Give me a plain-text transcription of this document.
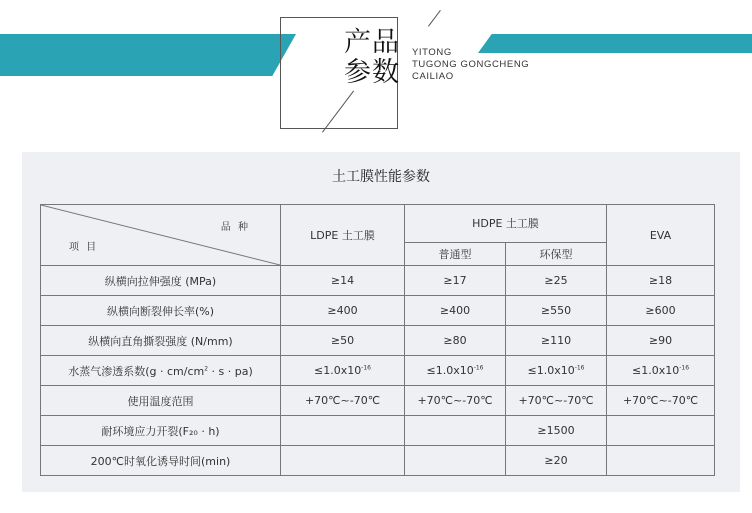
产品
参数
YITONG
TUGONG GONGCHENG
CAILIAO
土工膜性能参数
品 种
项 目	LDPE 土工膜	HDPE 土工膜		EVA
		普通型	环保型	
纵横向拉伸强度 (MPa)	≥14	≥17	≥25	≥18
纵横向断裂伸长率(%)	≥400	≥400	≥550	≥600
纵横向直角撕裂强度 (N/mm)	≥50	≥80	≥110	≥90
水蒸气渗透系数$(g \cdot cm/cm^2 \cdot s \cdot pa)$	$\le 1.0x10^{-16}$	$\le 1.0x10^{-16}$	$\le 1.0x10^{-16}$	$\le 1.0x10^{-16}$
使用温度范围	+70℃~-70℃	+70℃~-70℃	+70℃~-70℃	+70℃~-70℃
耐环境应力开裂(F₂₀ · h)			≥1500	
200℃时氧化诱导时间(min)			≥20	
